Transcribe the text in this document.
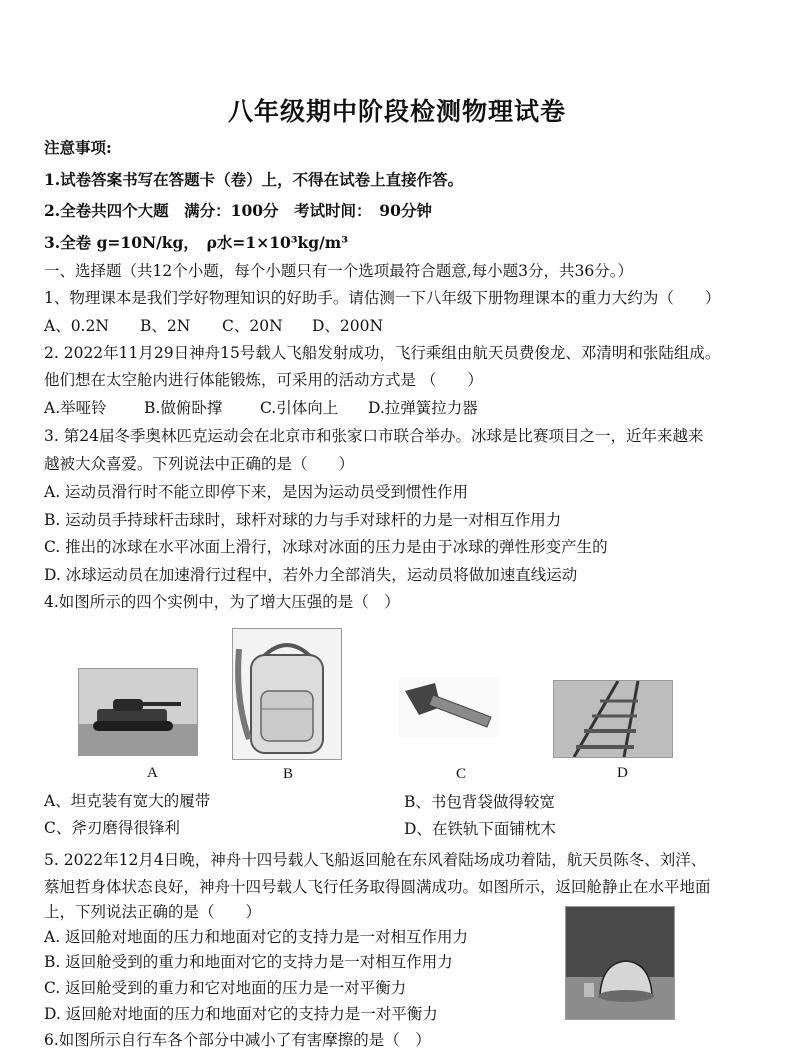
八年级期中阶段检测物理试卷
注意事项:
1.试卷答案书写在答题卡（卷）上，不得在试卷上直接作答。
2.全卷共四个大题　满分：100分　考试时间：　90分钟
3.全卷 g=10N/kg，　ρ水=1×10³kg/m³
一、选择题（共12个小题，每个小题只有一个选项最符合题意,每小题3分，共36分。）
1、物理课本是我们学好物理知识的好助手。请估测一下八年级下册物理课本的重力大约为（　　）
A、0.2N B、2N C、20N D、200N
2. 2022年11月29日神舟15号载人飞船发射成功，飞行乘组由航天员费俊龙、邓清明和张陆组成。
他们想在太空舱内进行体能锻炼，可采用的活动方式是 （　　）
A.举哑铃 B.做俯卧撑 C.引体向上 D.拉弹簧拉力器
3. 第24届冬季奥林匹克运动会在北京市和张家口市联合举办。冰球是比赛项目之一，近年来越来
越被大众喜爱。下列说法中正确的是（　　）
A. 运动员滑行时不能立即停下来，是因为运动员受到惯性作用
B. 运动员手持球杆击球时，球杆对球的力与手对球杆的力是一对相互作用力
C. 推出的冰球在水平冰面上滑行，冰球对冰面的压力是由于冰球的弹性形变产生的
D. 冰球运动员在加速滑行过程中，若外力全部消失，运动员将做加速直线运动
4.如图所示的四个实例中，为了增大压强的是（　）
A	B	C	D
A、坦克装有宽大的履带	B、书包背袋做得较宽
C、斧刃磨得很锋利	D、在铁轨下面铺枕木
5. 2022年12月4日晚，神舟十四号载人飞船返回舱在东风着陆场成功着陆，航天员陈冬、刘洋、
蔡旭哲身体状态良好，神舟十四号载人飞行任务取得圆满成功。如图所示，返回舱静止在水平地面
上，下列说法正确的是（　　）
A. 返回舱对地面的压力和地面对它的支持力是一对相互作用力
B. 返回舱受到的重力和地面对它的支持力是一对相互作用力
C. 返回舱受到的重力和它对地面的压力是一对平衡力
D. 返回舱对地面的压力和地面对它的支持力是一对平衡力
6.如图所示自行车各个部分中减小了有害摩擦的是（　）
